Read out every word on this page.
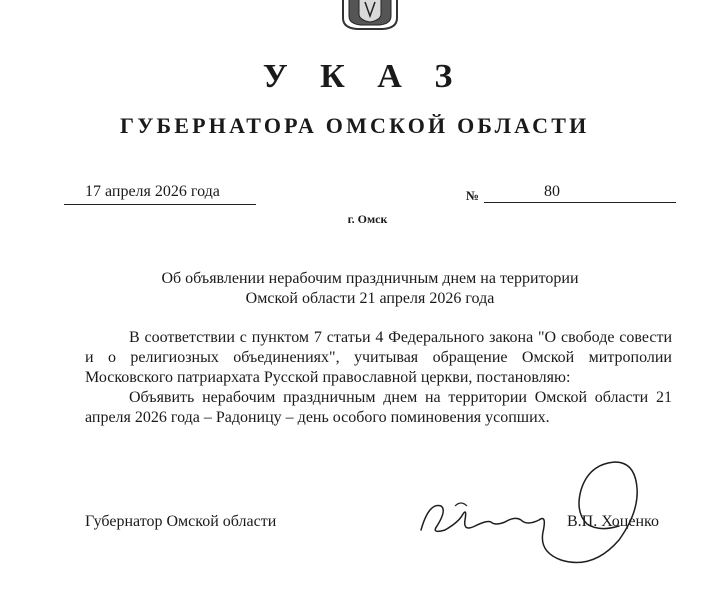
У К А З
ГУБЕРНАТОРА ОМСКОЙ ОБЛАСТИ
17 апреля 2026 года	№	80
г. Омск
Об объявлении нерабочим праздничным днем на территории
Омской области 21 апреля 2026 года

В соответствии с пунктом 7 статьи 4 Федерального закона "О свободе совести и о религиозных объединениях", учитывая обращение Омской митрополии Московского патриархата Русской православной церкви, постановляю:

Объявить нерабочим праздничным днем на территории Омской области 21 апреля 2026 года – Радоницу – день особого поминовения усопших.

Губернатор Омской области	В.П. Хоценко
